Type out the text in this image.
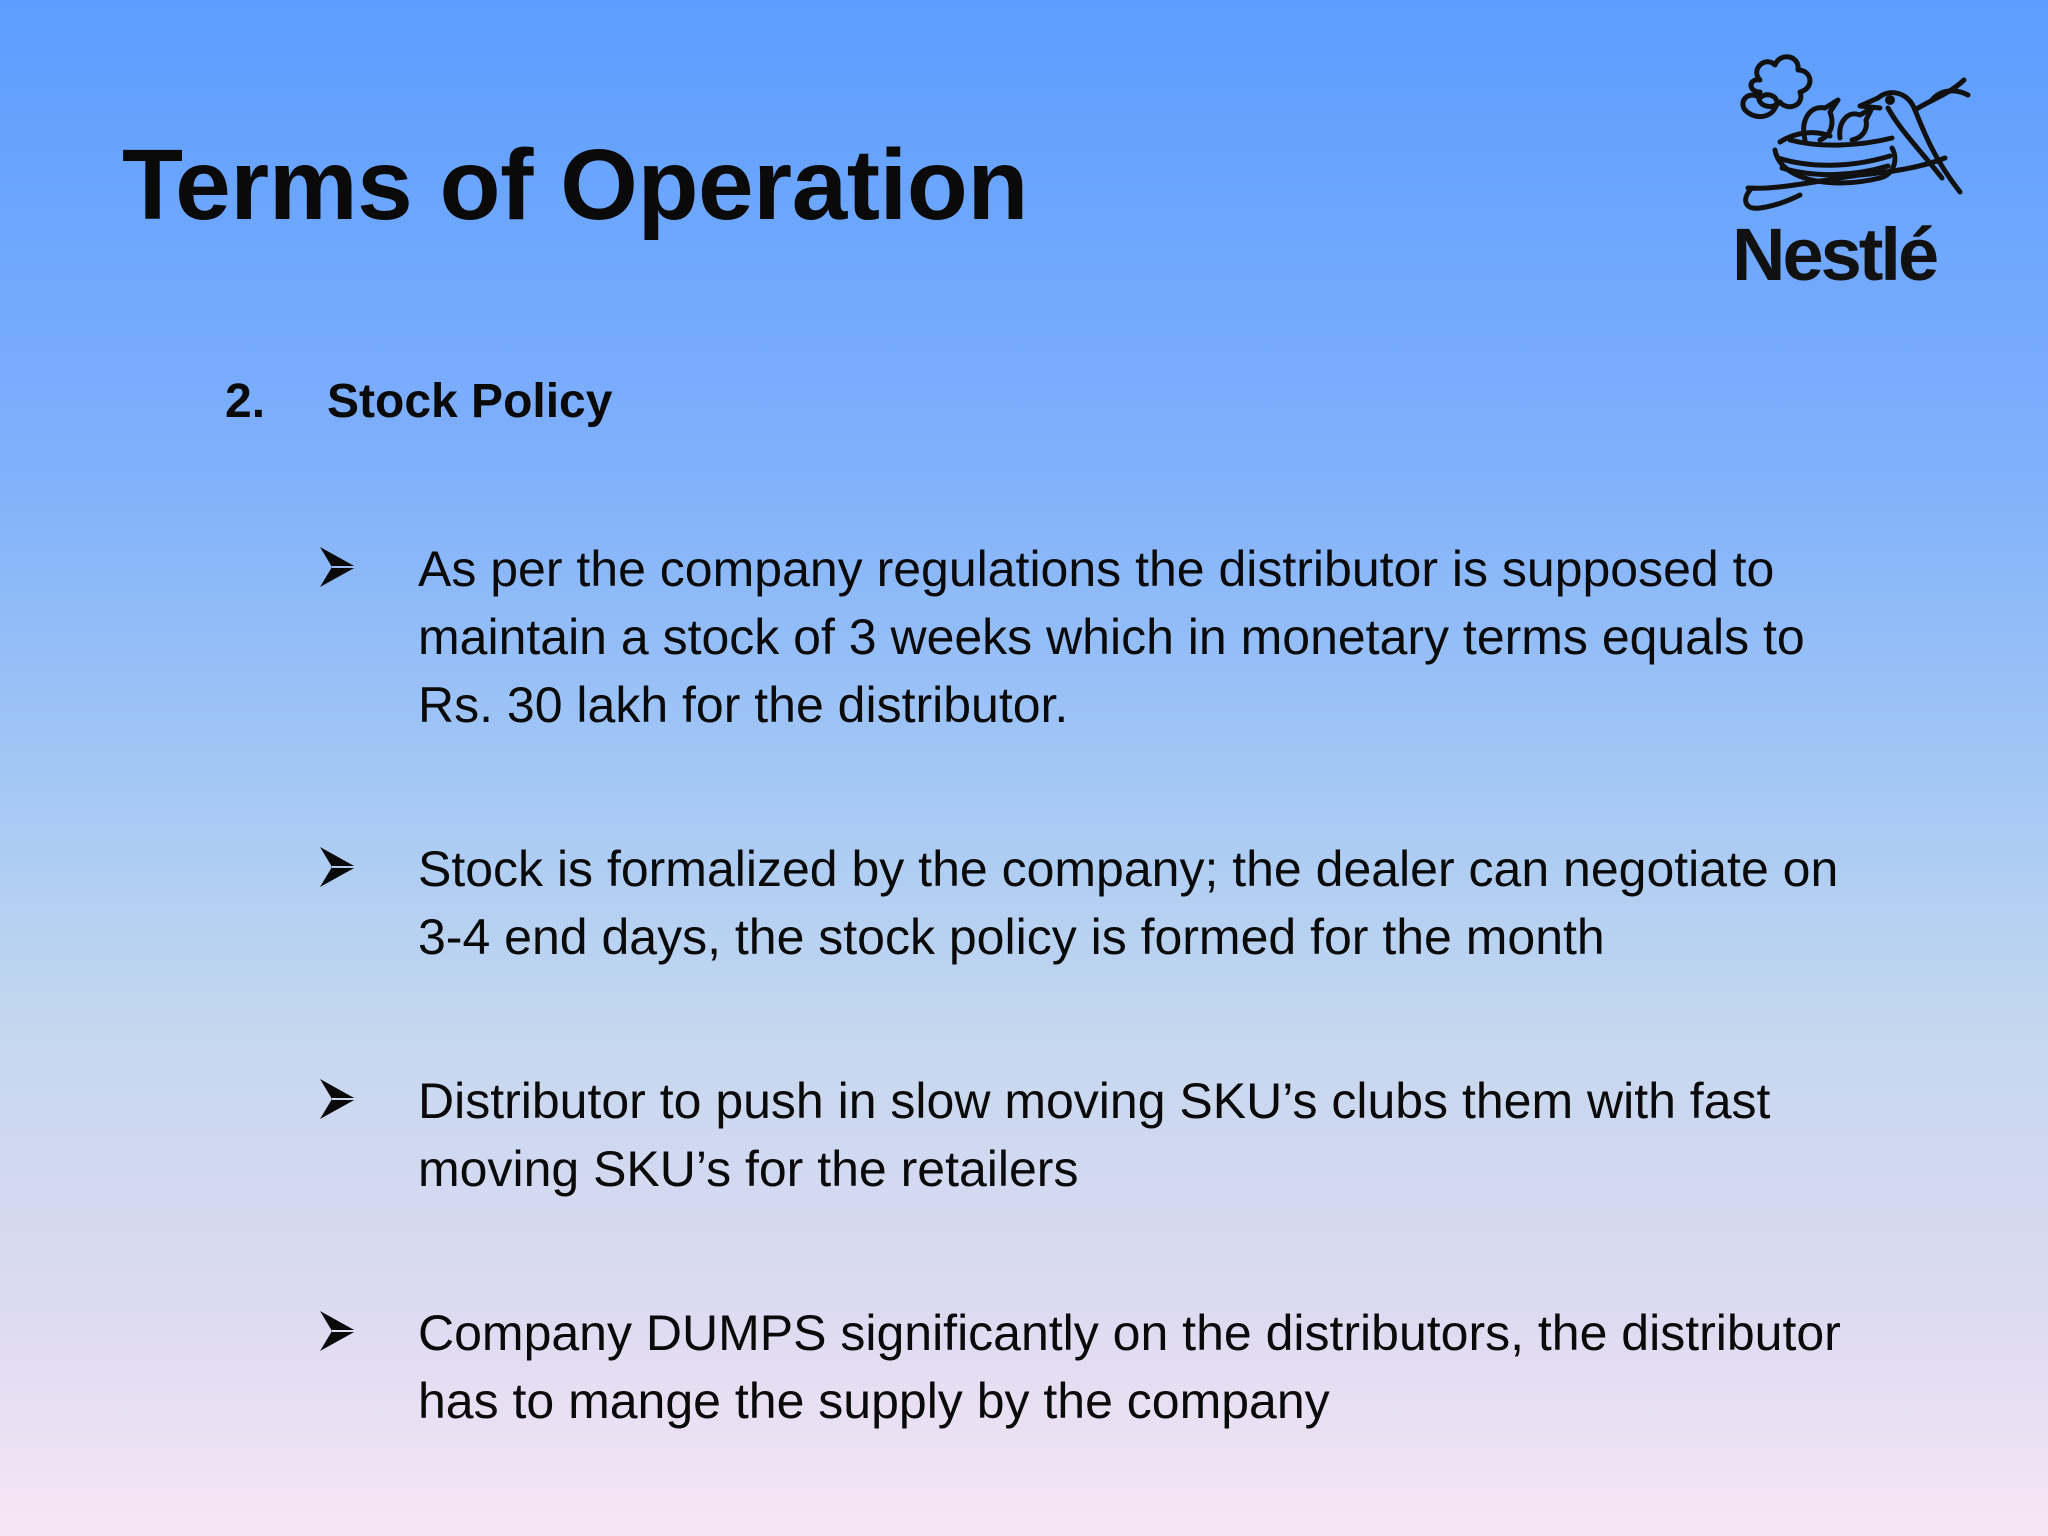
Terms of Operation
Nestlé
2. Stock Policy
As per the company regulations the distributor is supposed to
maintain a stock of 3 weeks which in monetary terms equals to
Rs. 30 lakh for the distributor.
Stock is formalized by the company; the dealer can negotiate on
3-4 end days, the stock policy is formed for the month
Distributor to push in slow moving SKU’s clubs them with fast
moving SKU’s for the retailers
Company DUMPS significantly on the distributors, the distributor
has to mange the supply by the company
